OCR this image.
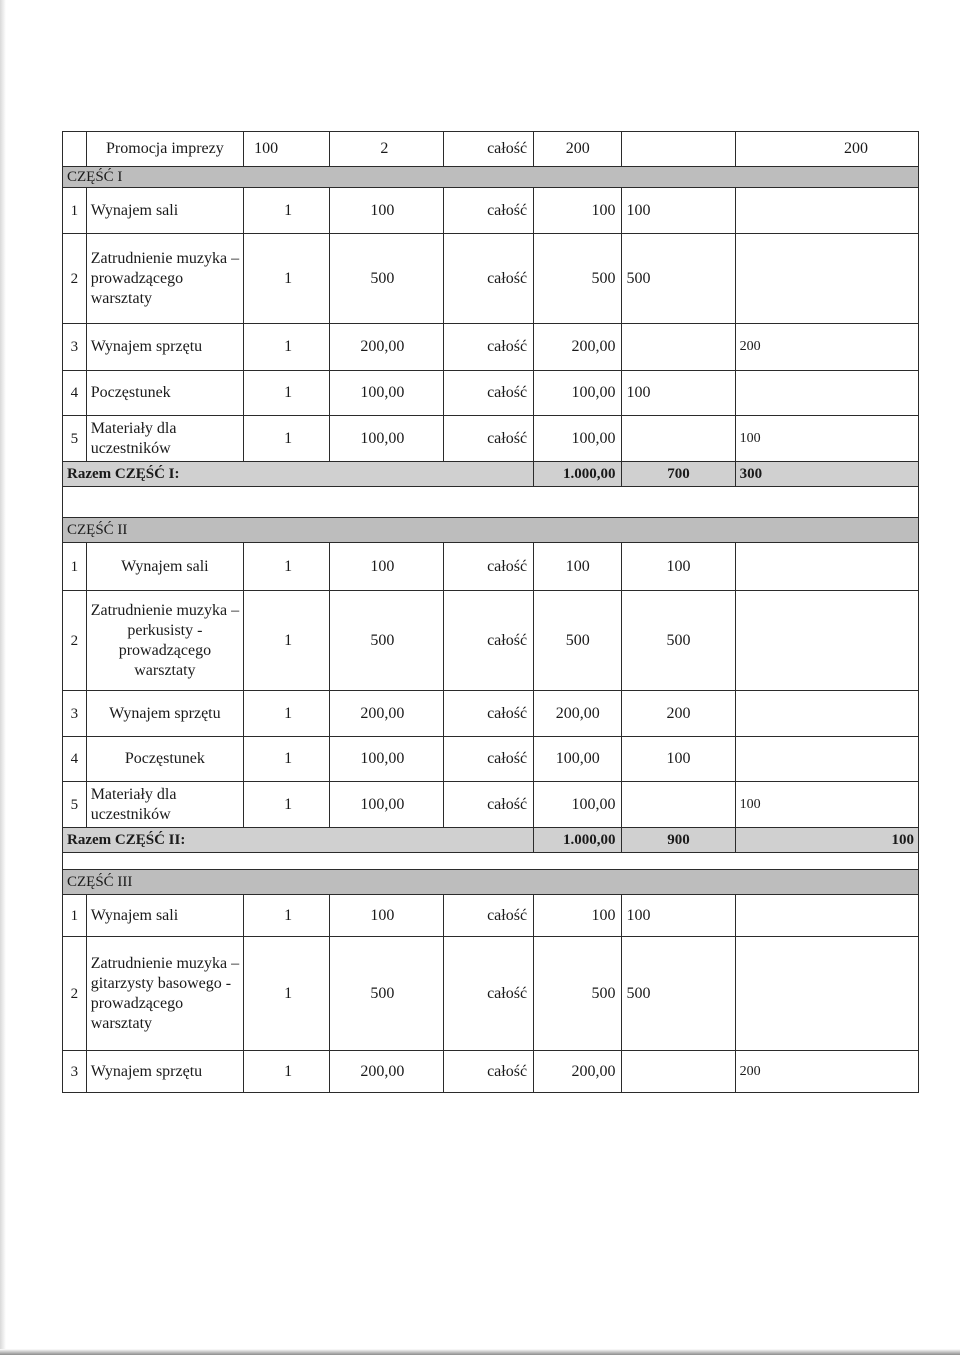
	Promocja imprezy	100	2	całość	200		200
CZĘŚĆ I							
1	Wynajem sali	1	100	całość	100	100	
2	Zatrudnienie muzyka – prowadzącego warsztaty	1	500	całość	500	500	
3	Wynajem sprzętu	1	200,00	całość	200,00		200
4	Poczęstunek	1	100,00	całość	100,00	100	
5	Materiały dla uczestników	1	100,00	całość	100,00		100
Razem CZĘŚĆ I:					1.000,00	700	300

CZĘŚĆ II							
1	Wynajem sali	1	100	całość	100	100	
2	Zatrudnienie muzyka –perkusisty -prowadzącego warsztaty	1	500	całość	500	500	
3	Wynajem sprzętu	1	200,00	całość	200,00	200	
4	Poczęstunek	1	100,00	całość	100,00	100	
5	Materiały dla uczestników	1	100,00	całość	100,00		100
Razem CZĘŚĆ II:					1.000,00	900	100

CZĘŚĆ III							
1	Wynajem sali	1	100	całość	100	100	
2	Zatrudnienie muzyka –gitarzysty basowego -prowadzącego warsztaty	1	500	całość	500	500	
3	Wynajem sprzętu	1	200,00	całość	200,00		200
